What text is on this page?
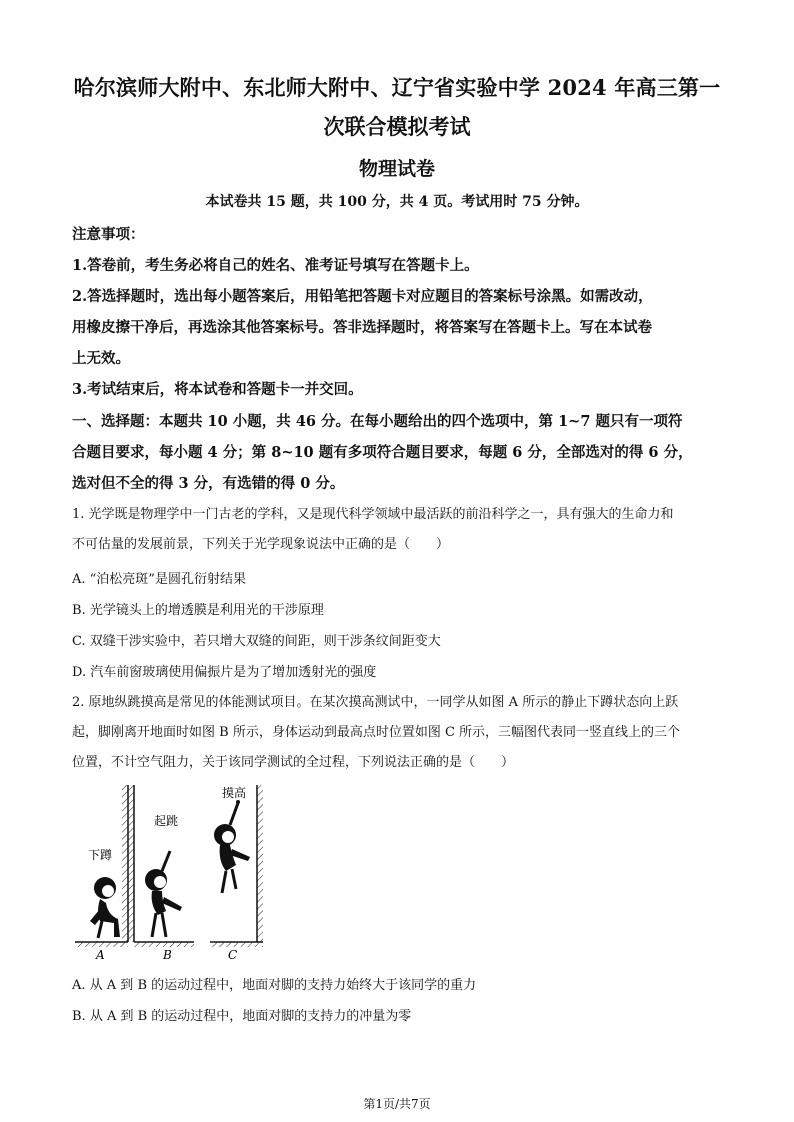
哈尔滨师大附中、东北师大附中、辽宁省实验中学 2024 年高三第一
次联合模拟考试
物理试卷
本试卷共 15 题，共 100 分，共 4 页。考试用时 75 分钟。
注意事项：
1.答卷前，考生务必将自己的姓名、准考证号填写在答题卡上。
2.答选择题时，选出每小题答案后，用铅笔把答题卡对应题目的答案标号涂黑。如需改动，
用橡皮擦干净后，再选涂其他答案标号。答非选择题时，将答案写在答题卡上。写在本试卷
上无效。
3.考试结束后，将本试卷和答题卡一并交回。
一、选择题：本题共 10 小题，共 46 分。在每小题给出的四个选项中，第 1~7 题只有一项符
合题目要求，每小题 4 分；第 8~10 题有多项符合题目要求，每题 6 分，全部选对的得 6 分，
选对但不全的得 3 分，有选错的得 0 分。
1. 光学既是物理学中一门古老的学科，又是现代科学领域中最活跃的前沿科学之一，具有强大的生命力和
不可估量的发展前景，下列关于光学现象说法中正确的是（　　）
A. “泊松亮斑”是圆孔衍射结果
B. 光学镜头上的增透膜是利用光的干涉原理
C. 双缝干涉实验中，若只增大双缝的间距，则干涉条纹间距变大
D. 汽车前窗玻璃使用偏振片是为了增加透射光的强度
2. 原地纵跳摸高是常见的体能测试项目。在某次摸高测试中，一同学从如图 A 所示的静止下蹲状态向上跃
起，脚刚离开地面时如图 B 所示，身体运动到最高点时位置如图 C 所示，三幅图代表同一竖直线上的三个
位置，不计空气阻力，关于该同学测试的全过程，下列说法正确的是（　　）
下蹲
起跳
摸高
A	B	C
A. 从 A 到 B 的运动过程中，地面对脚的支持力始终大于该同学的重力
B. 从 A 到 B 的运动过程中，地面对脚的支持力的冲量为零
第1页/共7页
